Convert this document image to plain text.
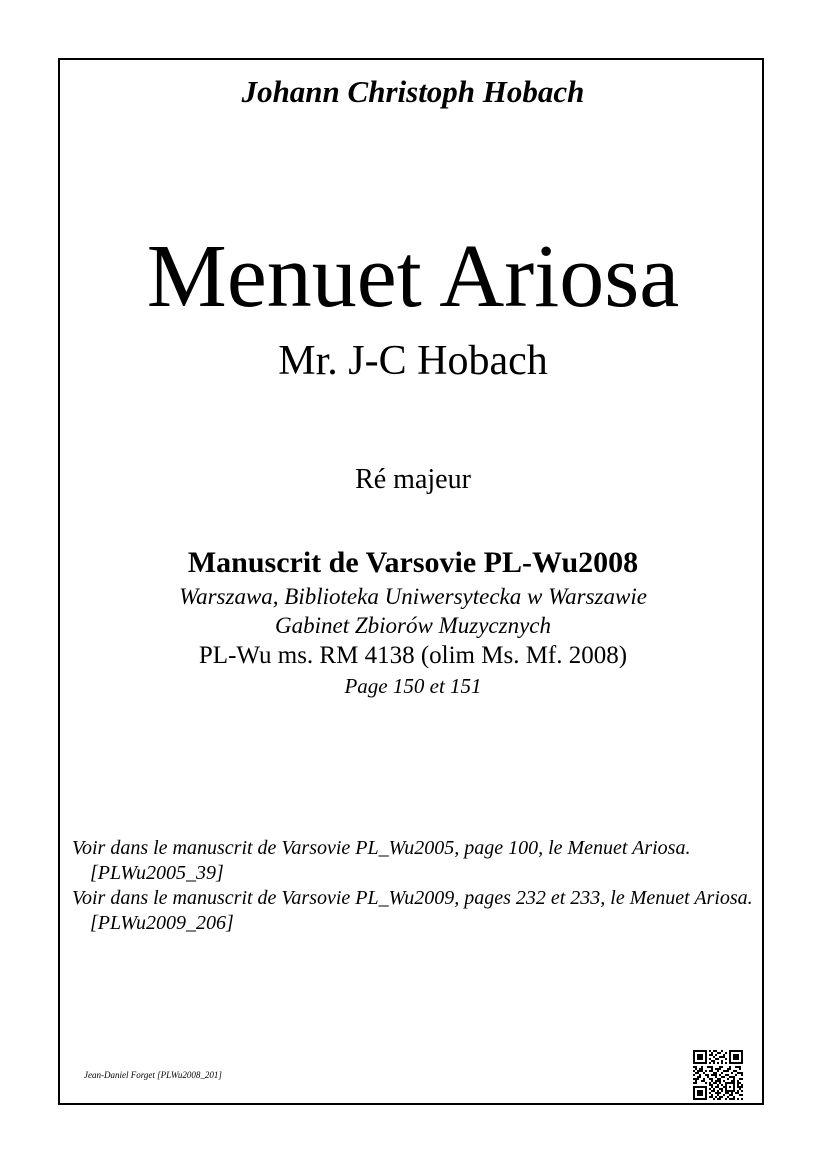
Johann Christoph Hobach
Menuet Ariosa
Mr. J-C Hobach
Ré majeur
Manuscrit de Varsovie PL-Wu2008
Warszawa, Biblioteka Uniwersytecka w Warszawie
Gabinet Zbiorów Muzycznych
PL-Wu ms. RM 4138 (olim Ms. Mf. 2008)
Page 150 et 151

Voir dans le manuscrit de Varsovie PL_Wu2005, page 100, le Menuet Ariosa. [PLWu2005_39]

Voir dans le manuscrit de Varsovie PL_Wu2009, pages 232 et 233, le Menuet Ariosa. [PLWu2009_206]

Jean-Daniel Forget [PLWu2008_201]
